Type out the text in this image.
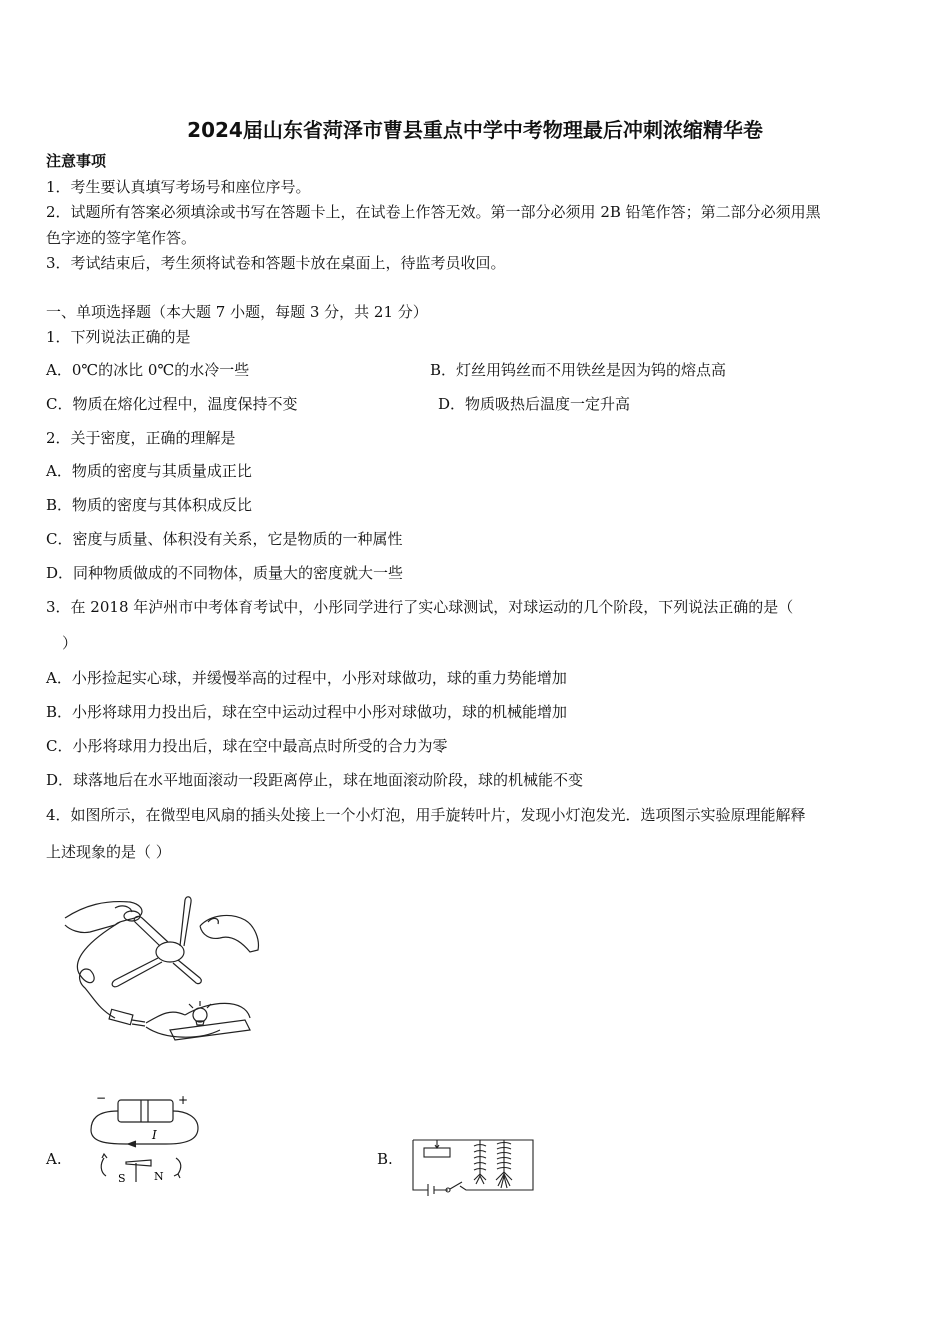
2024届山东省菏泽市曹县重点中学中考物理最后冲刺浓缩精华卷
注意事项
1．考生要认真填写考场号和座位序号。
2．试题所有答案必须填涂或书写在答题卡上，在试卷上作答无效。第一部分必须用 2B 铅笔作答；第二部分必须用黑
色字迹的签字笔作答。
3．考试结束后，考生须将试卷和答题卡放在桌面上，待监考员收回。
一、单项选择题（本大题 7 小题，每题 3 分，共 21 分）
1．下列说法正确的是
A．0℃的冰比 0℃的水冷一些	B．灯丝用钨丝而不用铁丝是因为钨的熔点高
C．物质在熔化过程中，温度保持不变	D．物质吸热后温度一定升高
2．关于密度，正确的理解是
A．物质的密度与其质量成正比
B．物质的密度与其体积成反比
C．密度与质量、体积没有关系，它是物质的一种属性
D．同种物质做成的不同物体，质量大的密度就大一些
3．在 2018 年泸州市中考体育考试中，小彤同学进行了实心球测试，对球运动的几个阶段，下列说法正确的是（
）
A．小彤捡起实心球，并缓慢举高的过程中，小彤对球做功，球的重力势能增加
B．小彤将球用力投出后，球在空中运动过程中小彤对球做功，球的机械能增加
C．小彤将球用力投出后，球在空中最高点时所受的合力为零
D．球落地后在水平地面滚动一段距离停止，球在地面滚动阶段，球的机械能不变
4．如图所示，在微型电风扇的插头处接上一个小灯泡，用手旋转叶片，发现小灯泡发光．选项图示实验原理能解释
上述现象的是（ ）
A.
−	+
I
S	N
B.
